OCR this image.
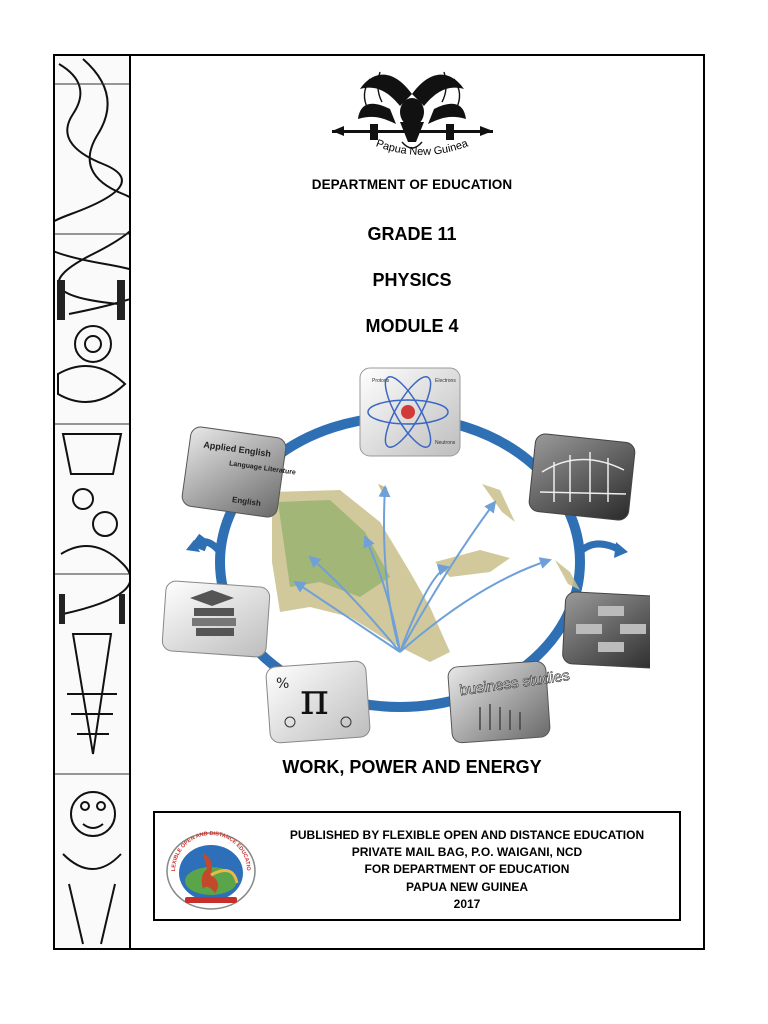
Papua New Guinea
DEPARTMENT OF EDUCATION
GRADE 11
PHYSICS
MODULE 4
Electrons
Protons
Neutrons
business studies
π
%
Applied English
Language Literature
English
WORK, POWER AND ENERGY
LEXIBLE OPEN AND DISTANCE EDUCATIO
PUBLISHED BY FLEXIBLE OPEN AND DISTANCE EDUCATION
PRIVATE MAIL BAG, P.O. WAIGANI, NCD
FOR DEPARTMENT OF EDUCATION
PAPUA NEW GUINEA
2017
